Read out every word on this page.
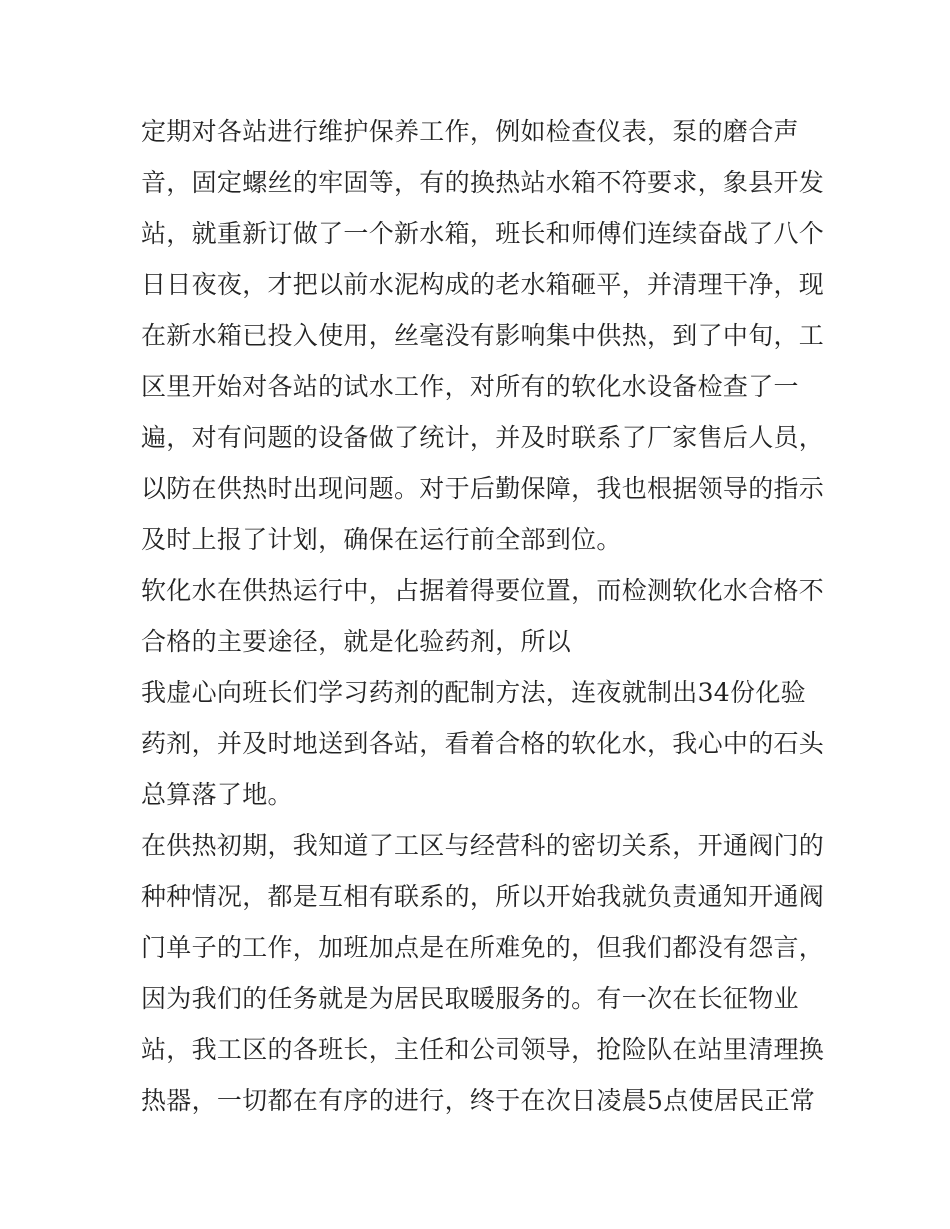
定期对各站进行维护保养工作，例如检查仪表，泵的磨合声
音，固定螺丝的牢固等，有的换热站水箱不符要求，象县开发
站，就重新订做了一个新水箱，班长和师傅们连续奋战了八个
日日夜夜，才把以前水泥构成的老水箱砸平，并清理干净，现
在新水箱已投入使用，丝毫没有影响集中供热，到了中旬，工
区里开始对各站的试水工作，对所有的软化水设备检查了一
遍，对有问题的设备做了统计，并及时联系了厂家售后人员，
以防在供热时出现问题。对于后勤保障，我也根据领导的指示
及时上报了计划，确保在运行前全部到位。
软化水在供热运行中，占据着得要位置，而检测软化水合格不
合格的主要途径，就是化验药剂，所以
我虚心向班长们学习药剂的配制方法，连夜就制出34份化验
药剂，并及时地送到各站，看着合格的软化水，我心中的石头
总算落了地。
在供热初期，我知道了工区与经营科的密切关系，开通阀门的
种种情况，都是互相有联系的，所以开始我就负责通知开通阀
门单子的工作，加班加点是在所难免的，但我们都没有怨言，
因为我们的任务就是为居民取暖服务的。有一次在长征物业
站，我工区的各班长，主任和公司领导，抢险队在站里清理换
热器，一切都在有序的进行，终于在次日凌晨5点使居民正常
